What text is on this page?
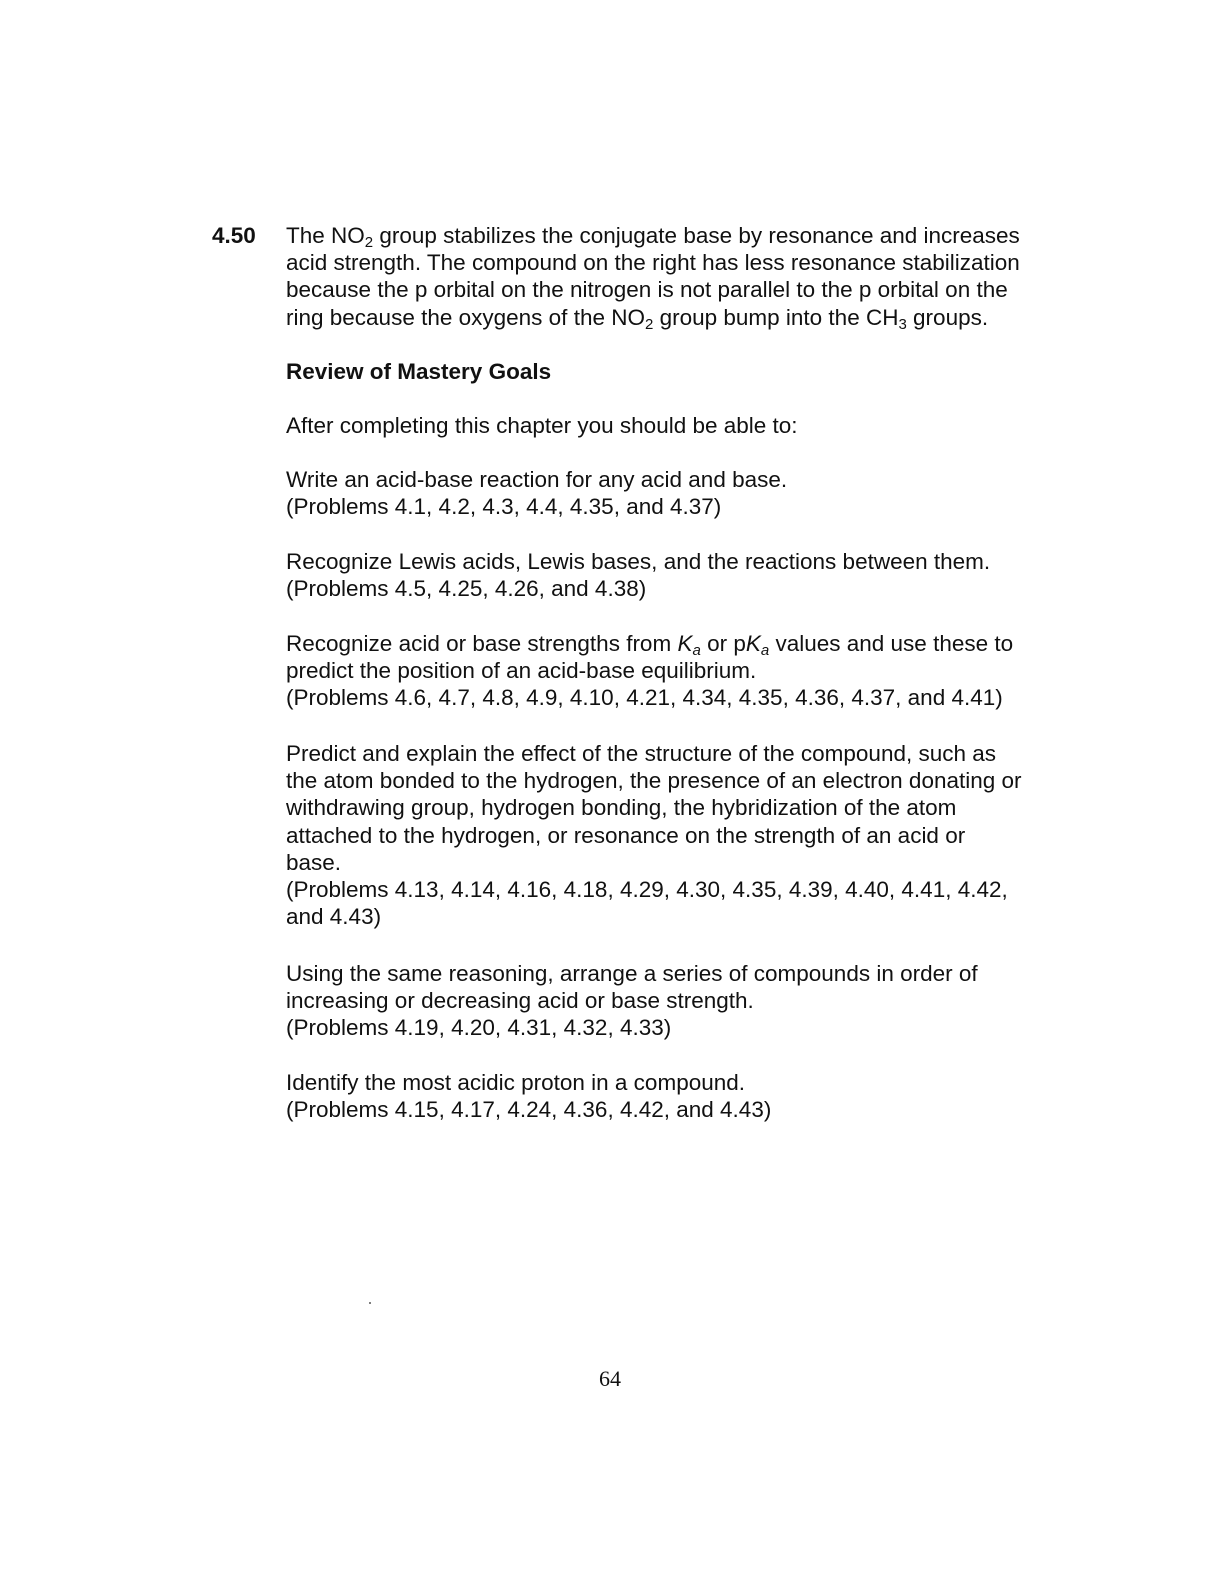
4.50 The $NO_2$ group stabilizes the conjugate base by resonance and increases

acid strength. The compound on the right has less resonance stabilization

because the p orbital on the nitrogen is not parallel to the p orbital on the

ring because the oxygens of the $NO_2$ group bump into the $CH_3$ groups.

Review of Mastery Goals
After completing this chapter you should be able to:

Write an acid-base reaction for any acid and base.

(Problems 4.1, 4.2, 4.3, 4.4, 4.35, and 4.37)

Recognize Lewis acids, Lewis bases, and the reactions between them.

(Problems 4.5, 4.25, 4.26, and 4.38)

Recognize acid or base strengths from $K_a$ or $pK_a$ values and use these to

predict the position of an acid-base equilibrium.

(Problems 4.6, 4.7, 4.8, 4.9, 4.10, 4.21, 4.34, 4.35, 4.36, 4.37, and 4.41)

Predict and explain the effect of the structure of the compound, such as

the atom bonded to the hydrogen, the presence of an electron donating or

withdrawing group, hydrogen bonding, the hybridization of the atom

attached to the hydrogen, or resonance on the strength of an acid or

base.

(Problems 4.13, 4.14, 4.16, 4.18, 4.29, 4.30, 4.35, 4.39, 4.40, 4.41, 4.42,

and 4.43)

Using the same reasoning, arrange a series of compounds in order of

increasing or decreasing acid or base strength.

(Problems 4.19, 4.20, 4.31, 4.32, 4.33)

Identify the most acidic proton in a compound.

(Problems 4.15, 4.17, 4.24, 4.36, 4.42, and 4.43)

64
